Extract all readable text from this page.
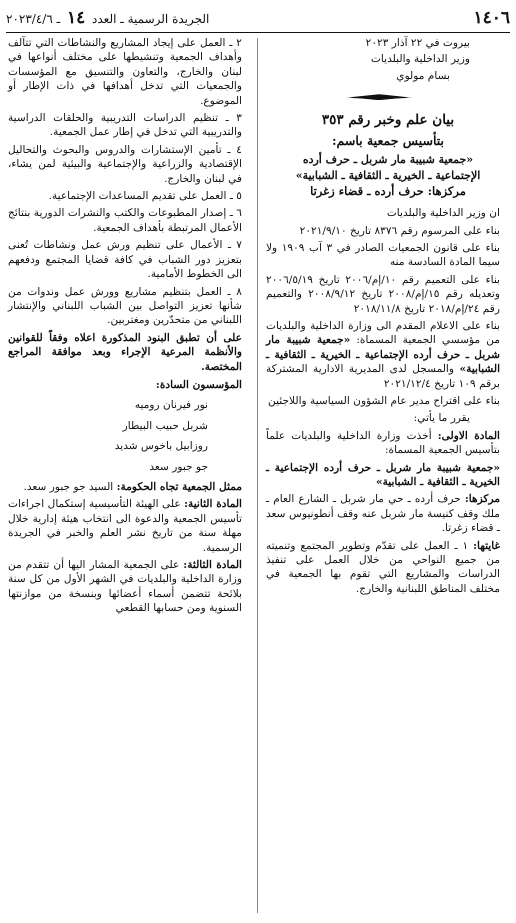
١٤٠٦
الجريدة الرسمية ـ العدد ١٤ ـ ٢٠٢٣/٤/٦

بيروت في ٢٢ آذار ٢٠٢٣

وزير الداخلية والبلديات

بسام مولوي

بيان علم وخبر رقم ٣٥٣

بتأسيس جمعية باسم:

«جمعية شبيبة مار شربل ـ حرف أرده

الإجتماعية ـ الخيرية ـ الثقافية ـ الشبابية»

مركزها: حرف أرده ـ قضاء زغرتا

ان وزير الداخلية والبلديات

بناء على المرسوم رقم ٨٣٧٦ تاريخ ٢٠٢١/٩/١٠

بناء على قانون الجمعيات الصادر في ٣ آب ١٩٠٩ ولا سيما المادة السادسة منه

بناء على التعميم رقم ١٠/إم/٢٠٠٦ تاريخ ٢٠٠٦/٥/١٩ وتعديله رقم ١٥/إم/٢٠٠٨ تاريخ ٢٠٠٨/٩/١٢ والتعميم رقم ٢٤/إم/٢٠١٨ تاريخ ٢٠١٨/١١/٨

بناء على الاعلام المقدم الى وزارة الداخلية والبلديات من مؤسسي الجمعية المسماة: «جمعية شبيبة مار شربل ـ حرف أرده الإجتماعية ـ الخيرية ـ الثقافية ـ الشبابية» والمسجل لدى المديرية الادارية المشتركة برقم ١٠٩ تاريخ ٢٠٢١/١٢/٤

بناء على اقتراح مدير عام الشؤون السياسية واللاجئين

يقرر ما يأتي:

المادة الاولى: أخذت وزارة الداخلية والبلديات علماً بتأسيس الجمعية المسماة:

«جمعية شبيبة مار شربل ـ حرف أرده الإجتماعية ـ الخيرية ـ الثقافية ـ الشبابية»

مركزها: حرف أرده ـ حي مار شربل ـ الشارع العام ـ ملك وقف كنيسة مار شربل عنه وقف أنطونيوس سعد ـ قضاء زغرتا.

غايتها: ١ ـ العمل على تقدّم وتطوير المجتمع وتنميته من جميع النواحي من خلال العمل على تنفيذ الدراسات والمشاريع التي تقوم بها الجمعية في مختلف المناطق اللبنانية والخارج.

٢ ـ العمل على إيجاد المشاريع والنشاطات التي تتآلف وأهداف الجمعية وتنشيطها على مختلف أنواعها في لبنان والخارج، والتعاون والتنسيق مع المؤسسات والجمعيات التي تدخل أهدافها في ذات الإطار أو الموضوع.

٣ ـ تنظيم الدراسات التدريبية والحلقات الدراسية والتدريبية التي تدخل في إطار عمل الجمعية.

٤ ـ تأمين الإستشارات والدروس والبحوث والتحاليل الإقتصادية والزراعية والإجتماعية والبيئية لمن يشاء، في لبنان والخارج.

٥ ـ العمل على تقديم المساعدات الإجتماعية.

٦ ـ إصدار المطبوعات والكتب والنشرات الدورية بنتائج الأعمال المرتبطة بأهداف الجمعية.

٧ ـ الأعمال على تنظيم ورش عمل ونشاطات تُعنى بتعزيز دور الشباب في كافة قضايا المجتمع ودفعهم الى الخطوط الأمامية.

٨ ـ العمل بتنظيم مشاريع وورش عمل وندوات من شأنها تعزيز التواصل بين الشباب اللبناني والإنتشار اللبناني من متحدّرين ومغتربين.

على أن تطبق البنود المذكورة اعلاه وفقاً للقوانين والأنظمة المرعية الإجراء وبعد موافقة المراجع المختصة.

المؤسسون السادة:

نور فيرنان روميه

شربل حبيب البيطار

روزابيل باخوس شديد

جو جبور سعد

ممثل الجمعية تجاه الحكومة: السيد جو جبور سعد.

المادة الثانية: على الهيئة التأسيسية إستكمال اجراءات تأسيس الجمعية والدعوة الى انتخاب هيئة إدارية خلال مهلة سنة من تاريخ نشر العلم والخبر في الجريدة الرسمية.

المادة الثالثة: على الجمعية المشار اليها أن تتقدم من وزارة الداخلية والبلديات في الشهر الأول من كل سنة بلائحة تتضمن أسماء أعضائها وبنسخة من موازنتها السنوية ومن حسابها القطعي
